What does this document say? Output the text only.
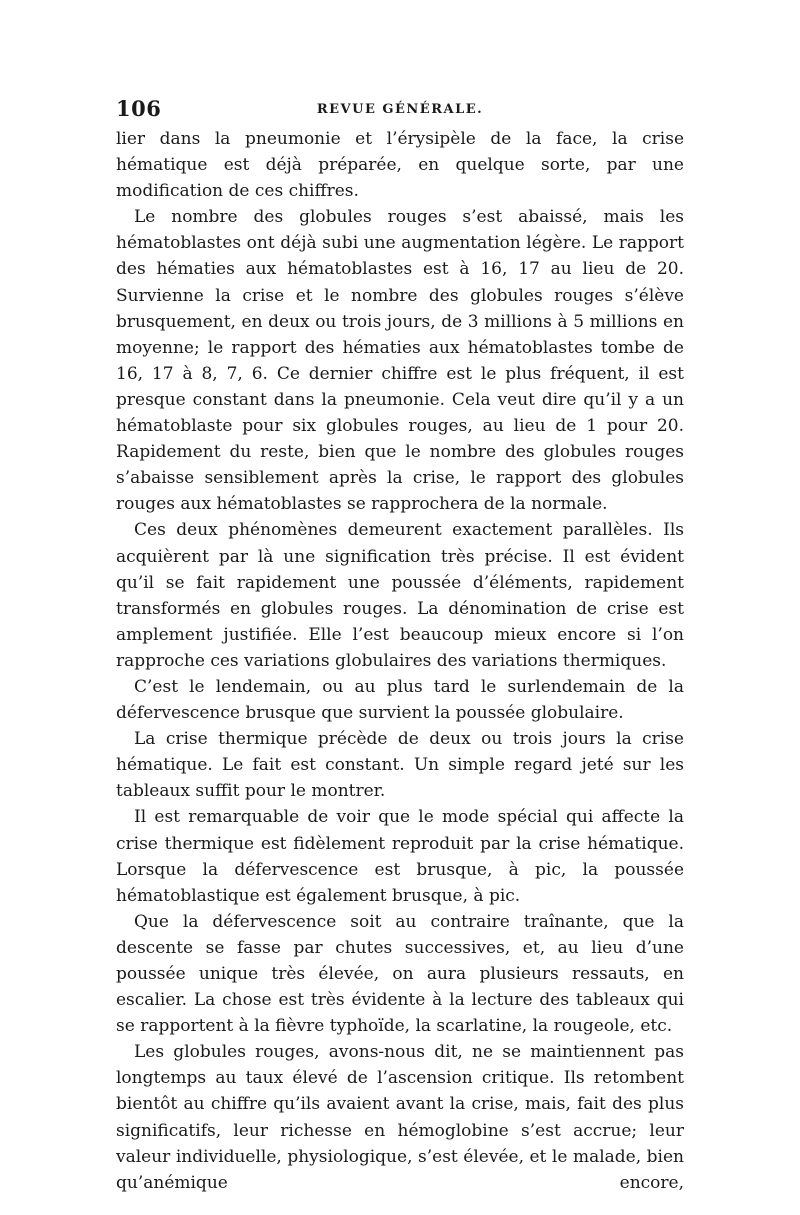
106	REVUE GÉNÉRALE.

lier dans la pneumonie et l’érysipèle de la face, la crise hématique est déjà préparée, en quelque sorte, par une modification de ces chiffres.

Le nombre des globules rouges s’est abaissé, mais les hématoblastes ont déjà subi une augmentation légère. Le rapport des hématies aux hématoblastes est à 16, 17 au lieu de 20. Survienne la crise et le nombre des globules rouges s’élève brusquement, en deux ou trois jours, de 3 millions à 5 millions en moyenne; le rapport des hématies aux hématoblastes tombe de 16, 17 à 8, 7, 6. Ce dernier chiffre est le plus fréquent, il est presque constant dans la pneumonie. Cela veut dire qu’il y a un hématoblaste pour six globules rouges, au lieu de 1 pour 20. Rapidement du reste, bien que le nombre des globules rouges s’abaisse sensiblement après la crise, le rapport des globules rouges aux hématoblastes se rapprochera de la normale.

Ces deux phénomènes demeurent exactement parallèles. Ils acquièrent par là une signification très précise. Il est évident qu’il se fait rapidement une poussée d’éléments, rapidement transformés en globules rouges. La dénomination de crise est amplement justifiée. Elle l’est beaucoup mieux encore si l’on rapproche ces variations globulaires des variations thermiques.

C’est le lendemain, ou au plus tard le surlendemain de la défervescence brusque que survient la poussée globulaire.

La crise thermique précède de deux ou trois jours la crise hématique. Le fait est constant. Un simple regard jeté sur les tableaux suffit pour le montrer.

Il est remarquable de voir que le mode spécial qui affecte la crise thermique est fidèlement reproduit par la crise hématique. Lorsque la défervescence est brusque, à pic, la poussée hématoblastique est également brusque, à pic.

Que la défervescence soit au contraire traînante, que la descente se fasse par chutes successives, et, au lieu d’une poussée unique très élevée, on aura plusieurs ressauts, en escalier. La chose est très évidente à la lecture des tableaux qui se rapportent à la fièvre typhoïde, la scarlatine, la rougeole, etc.

Les globules rouges, avons-nous dit, ne se maintiennent pas longtemps au taux élevé de l’ascension critique. Ils retombent bientôt au chiffre qu’ils avaient avant la crise, mais, fait des plus significatifs, leur richesse en hémoglobine s’est accrue; leur valeur individuelle, physiologique, s’est élevée, et le malade, bien qu’anémique encore,
